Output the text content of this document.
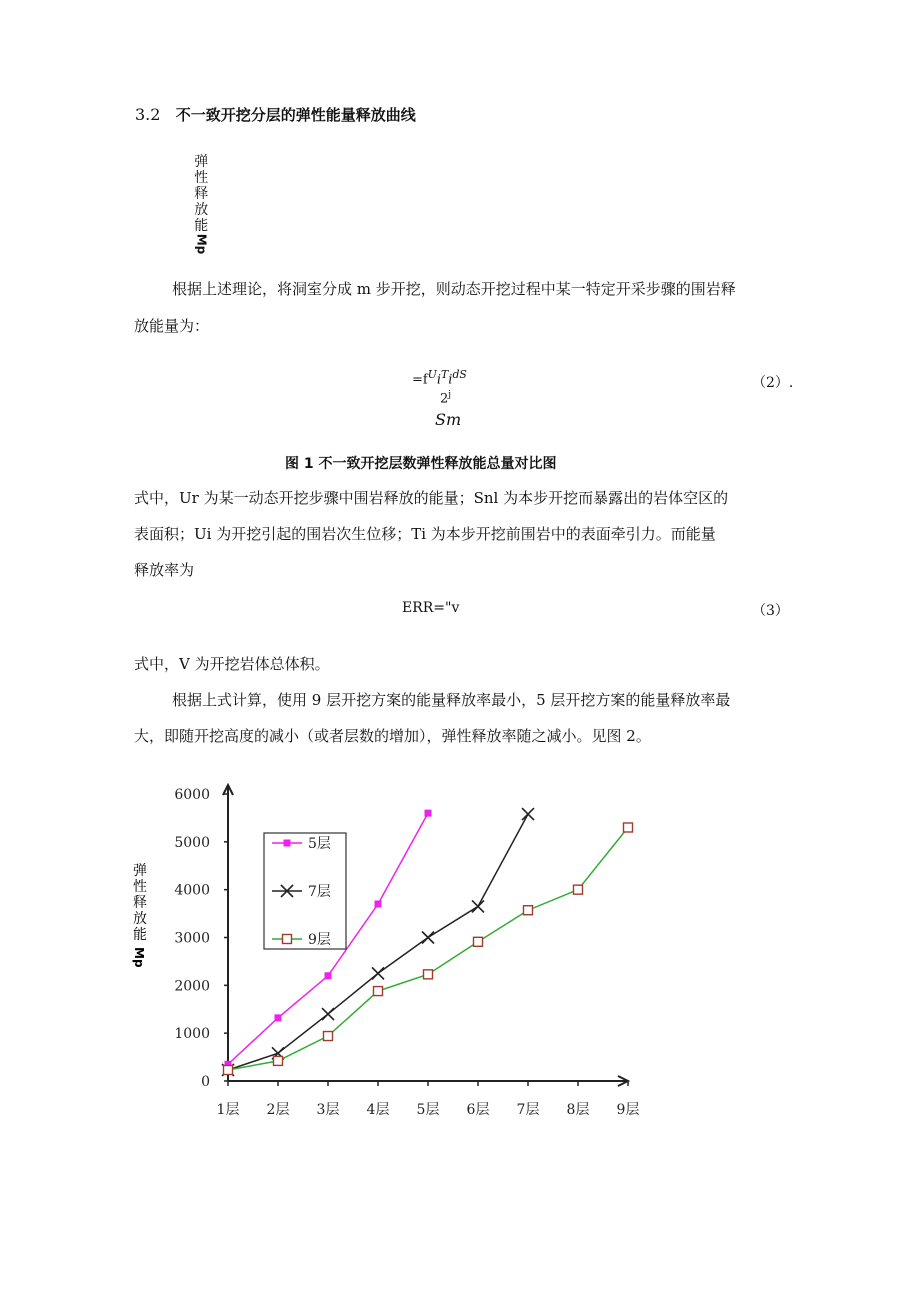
3.2 不一致开挖分层的弹性能量释放曲线
弹
性
释
放
能
Mp
根据上述理论，将洞室分成 m 步开挖，则动态开挖过程中某一特定开采步骤的围岩释
放能量为：
$=f^Ui^Ti^{dS}$
2$^j$
Sm
（2）.
图 1 不一致开挖层数弹性释放能总量对比图
式中，Ur 为某一动态开挖步骤中围岩释放的能量；Snl 为本步开挖而暴露出的岩体空区的
表面积；Ui 为开挖引起的围岩次生位移；Ti 为本步开挖前围岩中的表面牵引力。而能量
释放率为
ERR="v	（3）
式中，V 为开挖岩体总体积。
根据上式计算，使用 9 层开挖方案的能量释放率最小，5 层开挖方案的能量释放率最
大，即随开挖高度的减小（或者层数的增加），弹性释放率随之减小。见图 2。
0
1000
2000
3000
4000
5000
6000
1层 2层 3层 4层 5层 6层 7层 8层 9层
5层
7层
9层
弹
性
释
放
能
Mp
